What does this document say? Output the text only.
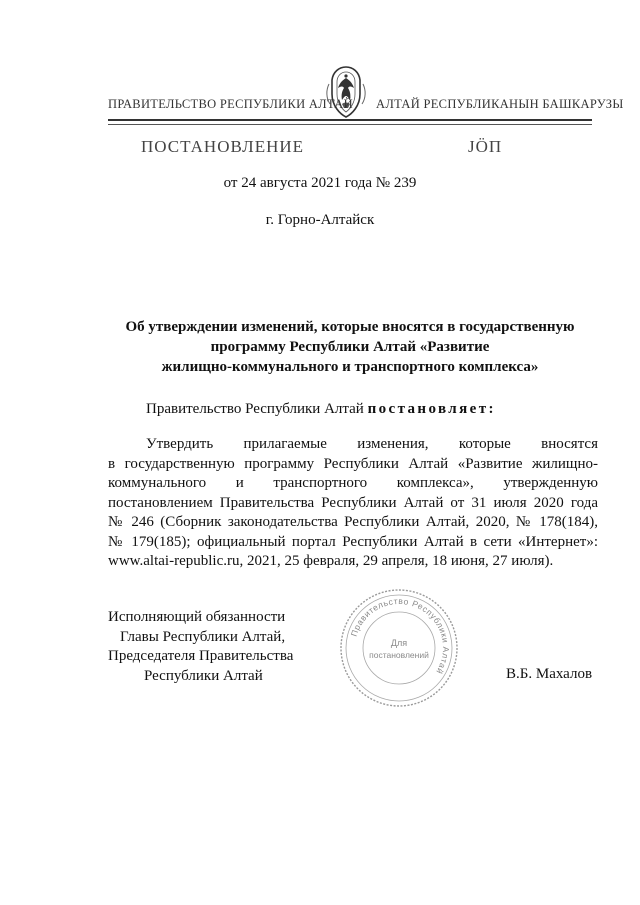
ПРАВИТЕЛЬСТВО РЕСПУБЛИКИ АЛТАЙ АЛТАЙ РЕСПУБЛИКАНЫН БАШКАРУЗЫ
ПОСТАНОВЛЕНИЕ	ЈӦП
от 24 августа 2021 года № 239
г. Горно-Алтайск
Об утверждении изменений, которые вносятся в государственную
программу Республики Алтай «Развитие
жилищно-коммунального и транспортного комплекса»
Правительство Республики Алтай постановляет:
Утвердить прилагаемые изменения, которые вносятся
в государственную программу Республики Алтай «Развитие жилищно-
коммунального и транспортного комплекса», утвержденную
постановлением Правительства Республики Алтай от 31 июля 2020 года
№ 246 (Сборник законодательства Республики Алтай, 2020, № 178(184),
№ 179(185); официальный портал Республики Алтай в сети «Интернет»:
www.altai-republic.ru, 2021, 25 февраля, 29 апреля, 18 июня, 27 июля).
Правительство Республики Алтай
Для
постановлений
Исполняющий обязанности
Главы Республики Алтай,
Председателя Правительства
Республики Алтай	В.Б. Махалов
